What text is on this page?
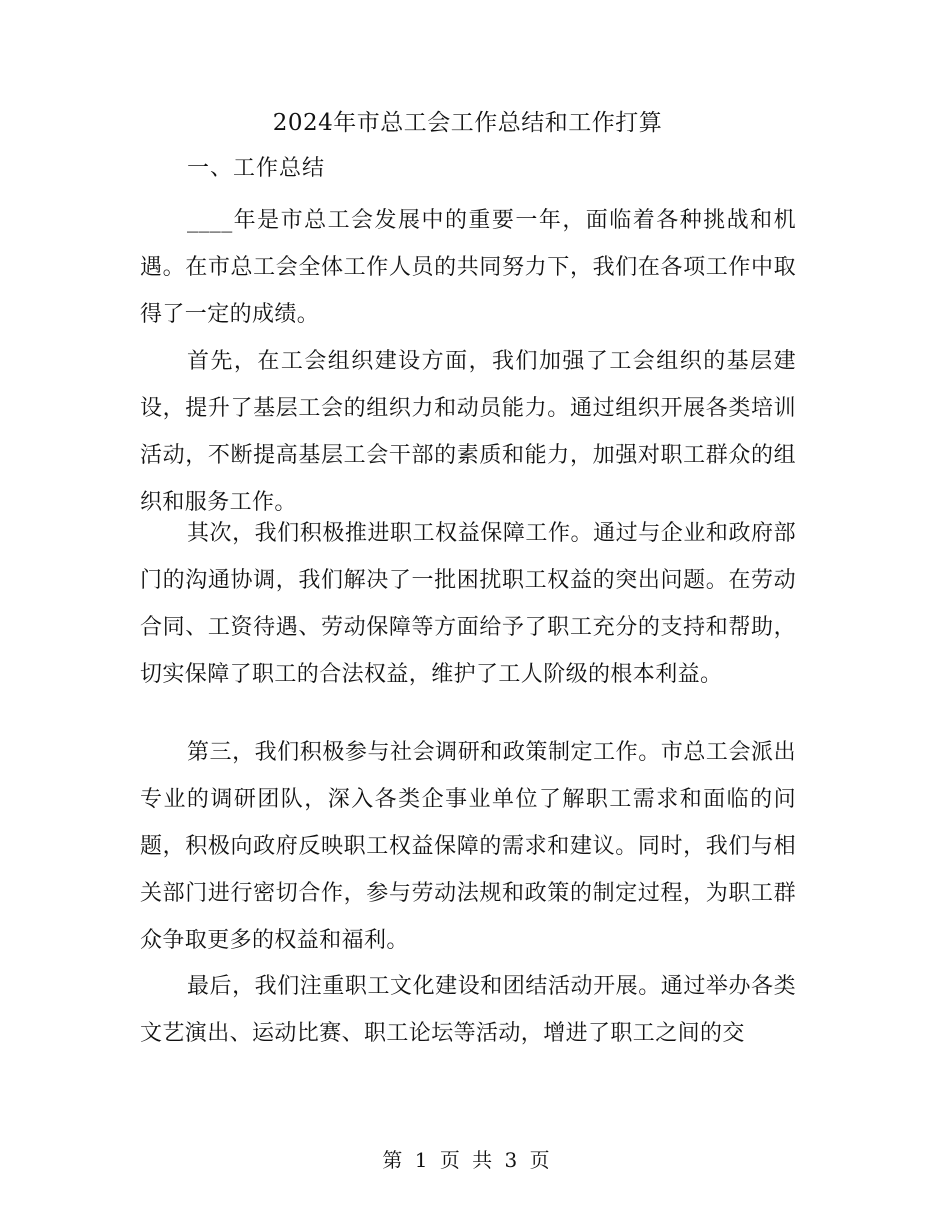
2024年市总工会工作总结和工作打算
一、工作总结

____年是市总工会发展中的重要一年，面临着各种挑战和机遇。在市总工会全体工作人员的共同努力下，我们在各项工作中取得了一定的成绩。

首先，在工会组织建设方面，我们加强了工会组织的基层建设，提升了基层工会的组织力和动员能力。通过组织开展各类培训活动，不断提高基层工会干部的素质和能力，加强对职工群众的组织和服务工作。

其次，我们积极推进职工权益保障工作。通过与企业和政府部门的沟通协调，我们解决了一批困扰职工权益的突出问题。在劳动合同、工资待遇、劳动保障等方面给予了职工充分的支持和帮助，切实保障了职工的合法权益，维护了工人阶级的根本利益。

第三，我们积极参与社会调研和政策制定工作。市总工会派出专业的调研团队，深入各类企事业单位了解职工需求和面临的问题，积极向政府反映职工权益保障的需求和建议。同时，我们与相关部门进行密切合作，参与劳动法规和政策的制定过程，为职工群众争取更多的权益和福利。

最后，我们注重职工文化建设和团结活动开展。通过举办各类文艺演出、运动比赛、职工论坛等活动，增进了职工之间的交

第 1 页 共 3 页
